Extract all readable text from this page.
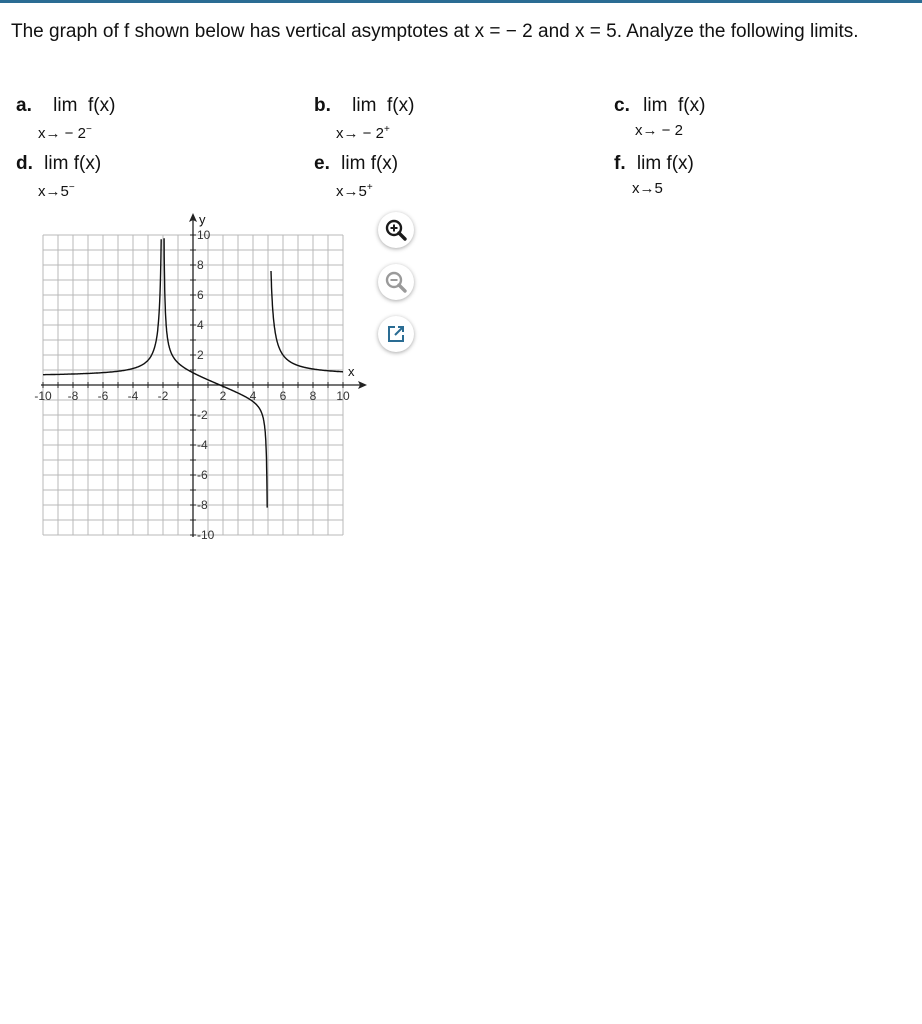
The graph of f shown below has vertical asymptotes at x = − 2 and x = 5. Analyze the following limits.
a. lim  f(x)
x→ − 2−
b. lim  f(x)
x→ − 2+
c. lim  f(x)
x→ − 2
d. lim f(x)
x→5−
e. lim f(x)
x→5+
f. lim f(x)
x→5
-10 -8 -6 -4 -2	2 4 6 8 10
10
8
6
4
2
-2
-4
-6
-8
-10
x
y
